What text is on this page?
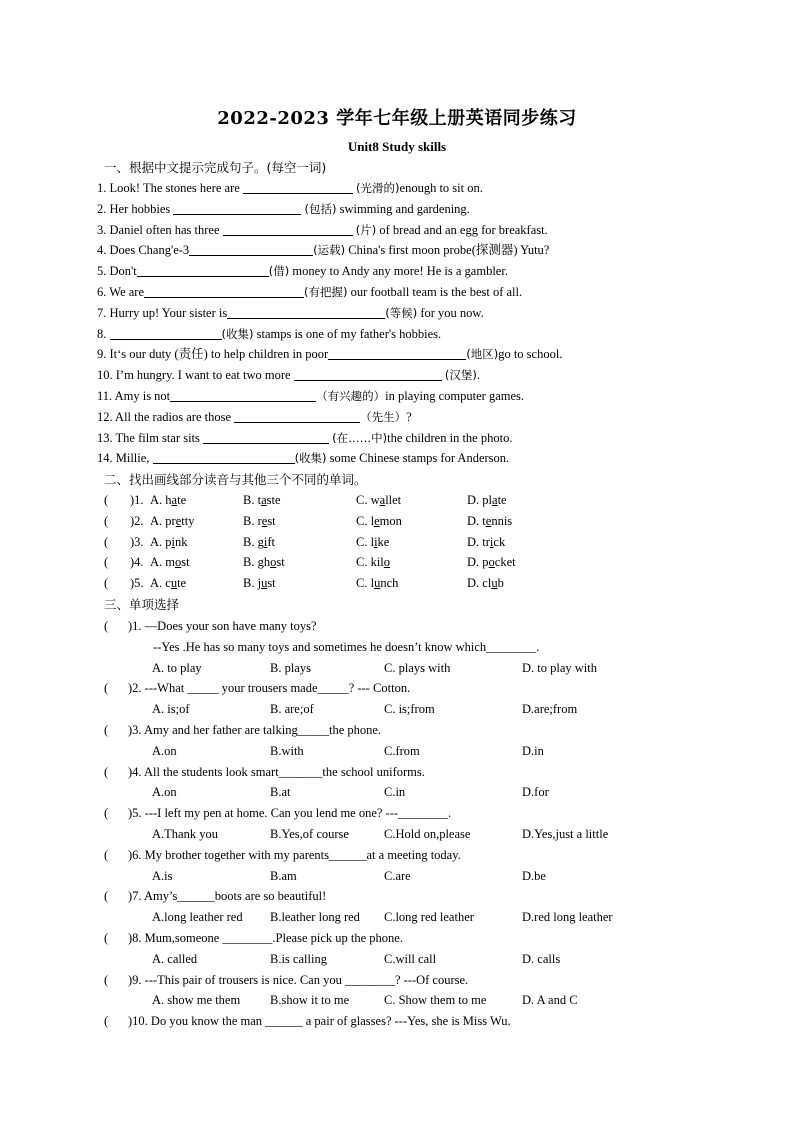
2022-2023 学年七年级上册英语同步练习
Unit8 Study skills
一、根据中文提示完成句子。(每空一词)
1. Look! The stones here are	(光滑的)enough to sit on.
2. Her hobbies	(包括) swimming and gardening.
3. Daniel often has three	(片) of bread and an egg for breakfast.
4. Does Chang'e-3	(运载) China's first moon probe(探测器) Yutu?
5. Don't	(借) money to Andy any more! He is a gambler.
6. We are	(有把握) our football team is the best of all.
7. Hurry up! Your sister is	(等候) for you now.
8.	(收集) stamps is one of my father's hobbies.
9. It‘s our duty (责任) to help children in poor	(地区)go to school.
10. I’m hungry. I want to eat two more	(汉堡).
11. Amy is not	（有兴趣的）in playing computer games.
12. All the radios are those	（先生）?
13. The film star sits	(在……中)the children in the photo.
14. Millie,	(收集) some Chinese stamps for Anderson.
二、找出画线部分读音与其他三个不同的单词。
( )1. A. hate	B. taste	C. wallet	D. plate
( )2. A. pretty	B. rest	C. lemon	D. tennis
( )3. A. pink	B. gift	C. like	D. trick
( )4. A. most	B. ghost	C. kilo	D. pocket
( )5. A. cute	B. just	C. lunch	D. club
三、单项选择
( )1. —Does your son have many toys?
--Yes .He has so many toys and sometimes he doesn’t know which________.
A. to play	B. plays	C. plays with	D. to play with
( )2. ---What _____ your trousers made_____? --- Cotton.
A. is;of	B. are;of	C. is;from	D.are;from
( )3. Amy and her father are talking_____the phone.
A.on	B.with	C.from	D.in
( )4. All the students look smart_______the school uniforms.
A.on	B.at	C.in	D.for
( )5. ---I left my pen at home. Can you lend me one? ---________.
A.Thank you	B.Yes,of course	C.Hold on,please	D.Yes,just a little
( )6. My brother together with my parents______at a meeting today.
A.is	B.am	C.are	D.be
( )7. Amy’s______boots are so beautiful!
A.long leather red B.leather long red C.long red leather	D.red long leather
( )8. Mum,someone ________.Please pick up the phone.
A. called	B.is calling	C.will call	D. calls
( )9. ---This pair of trousers is nice. Can you ________? ---Of course.
A. show me them B.show it to me	C. Show them to me	D. A and C
( )10. Do you know the man ______ a pair of glasses? ---Yes, she is Miss Wu.
